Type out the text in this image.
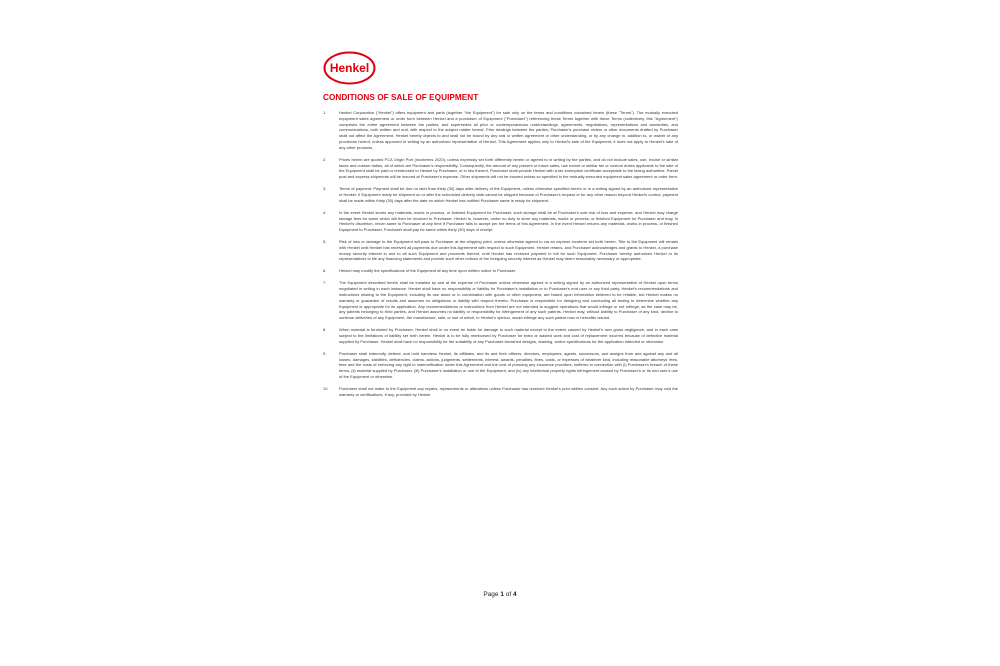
Henkel
CONDITIONS OF SALE OF EQUIPMENT
1.	Henkel Corporation ("Henkel") offers equipment and parts (together "the Equipment") for sale only on the terms and conditions contained herein (these "Terms"). The mutually executed equipment sales agreement or order form between Henkel and a purchaser of Equipment ("Purchaser") referencing these Terms together with these Terms (collectively, this "Agreement") comprises the entire agreement between the parties, and supersedes all prior or contemporaneous understandings, agreements, negotiations, representations and warranties, and communications, both written and oral, with respect to the subject matter hereof. Prior dealings between the parties, Purchaser's purchase orders or other documents drafted by Purchaser shall not affect the Agreement. Henkel hereby objects to and shall not be bound by any oral or written agreement or other understanding, or by any change in, addition to, or waiver of any provisions hereof, unless approved in writing by an authorized representative of Henkel. This Agreement applies only to Henkel's sale of the Equipment; it does not apply to Henkel's sale of any other products.
2.	Prices herein are quoted FCA Origin Port (Incoterms 2020), unless expressly set forth differently herein or agreed to in writing by the parties, and do not include sales, use, excise or similar taxes and custom duties, all of which are Purchaser's responsibility. Consequently, the amount of any present or future sales, use excise or similar tax or custom duties applicable to the sale of the Equipment shall be paid or reimbursed to Henkel by Purchaser, or in lieu thereof, Purchaser shall provide Henkel with a tax-exemption certificate acceptable to the taxing authorities. Parcel post and express shipments will be insured at Purchaser's expense. Other shipments will not be insured unless so specified in the mutually-executed equipment sales agreement or order form.
3.	Terms of payment: Payment shall be due no later than thirty (30) days after delivery of the Equipment, unless otherwise specified herein or in a writing signed by an authorized representative of Henkel. If Equipment ready for shipment on or after the scheduled delivery date cannot be shipped because of Purchaser's request or for any other reason beyond Henkel's control, payment shall be made within thirty (30) days after the date on which Henkel has notified Purchaser same is ready for shipment.
4.	In the event Henkel stores any materials, works in process, or finished Equipment for Purchaser, such storage shall be at Purchaser's sole risk of loss and expense, and Henkel may charge storage fees for same which will then be invoiced to Purchaser. Henkel is, however, under no duty to store any materials, works or process, or finished Equipment for Purchaser and may, in Henkel's discretion, return same to Purchaser at any time if Purchaser fails to accept per the terms of this Agreement. In the event Henkel returns any materials, works in process, or finished Equipment to Purchaser, Purchaser shall pay for same within thirty (30) days of receipt.
5.	Risk of loss or damage to the Equipment will pass to Purchaser at the shipping point, unless otherwise agreed to via an express Incoterm set forth herein. Title to the Equipment will remain with Henkel until Henkel has received all payments due under this Agreement with respect to such Equipment. Henkel retains, and Purchaser acknowledges and grants to Henkel, a purchase money security interest in and to all such Equipment and proceeds thereof, until Henkel has received payment in full for such Equipment. Purchaser hereby authorizes Henkel or its representatives to file any financing statements and provide such other notices of the foregoing security interest as Henkel may deem reasonably necessary or appropriate.
6.	Henkel may modify the specifications of the Equipment at any time upon written notice to Purchaser.
7.	The Equipment described herein shall be installed by and at the expense of Purchaser unless otherwise agreed in a writing signed by an authorized representative of Henkel upon terms negotiated in writing in each instance. Henkel shall have no responsibility or liability for Purchaser's installation or to Purchaser's end user or any third party. Henkel's recommendations and instructions relating to the Equipment, including its use alone or in combination with goods or other equipment, are based upon information believed to be reliable, but Henkel makes no warranty or guarantee of results and assumes no obligations or liability with respect thereto. Purchaser is responsible for designing and conducting all testing to determine whether any Equipment is appropriate for its application. Any recommendations or instructions from Henkel are not intended to suggest operations that would infringe or not infringe, as the case may be, any patents belonging to third parties, and Henkel assumes no liability or responsibility for infringement of any such patents. Henkel may, without liability to Purchaser of any kind, decline to continue deliveries of any Equipment, the manufacture, sale, or use of which, in Henkel's opinion, would infringe any such patent now or hereafter issued.
8.	When material is furnished by Purchaser, Henkel shall in no event be liable for damage to such material except to the extent caused by Henkel's own gross negligence, and in each case subject to the limitations of liability set forth herein. Henkel is to be fully reimbursed by Purchaser for extra or wasted work and cost of replacement incurred because of defective material supplied by Purchaser. Henkel shall have no responsibility for the suitability of any Purchaser-furnished designs, drawing, and/or specifications for the application intended or otherwise.
9.	Purchaser shall indemnify, defend, and hold harmless Henkel, its affiliates, and its and their officers, directors, employees, agents, successors, and assigns from and against any and all losses, damages, liabilities, deficiencies, claims, actions, judgments, settlements, interest, awards, penalties, fines, costs, or expenses of whatever kind, including reasonable attorneys' fees, fees and the costs of enforcing any right to indemnification under this Agreement and the cost of pursuing any insurance providers, suffered in connection with (i) Purchaser's breach of these terms, (ii) material supplied by Purchaser, (iii) Purchaser's installation or use of the Equipment, and (iv) any intellectual property rights infringement caused by Purchaser's or its end user's use of the Equipment or otherwise.
10.	Purchaser shall not make to the Equipment any repairs, replacements or alterations unless Purchaser has received Henkel's prior written consent. Any such action by Purchaser may void the warranty or certifications, if any, provided by Henkel.
Page 1 of 4
